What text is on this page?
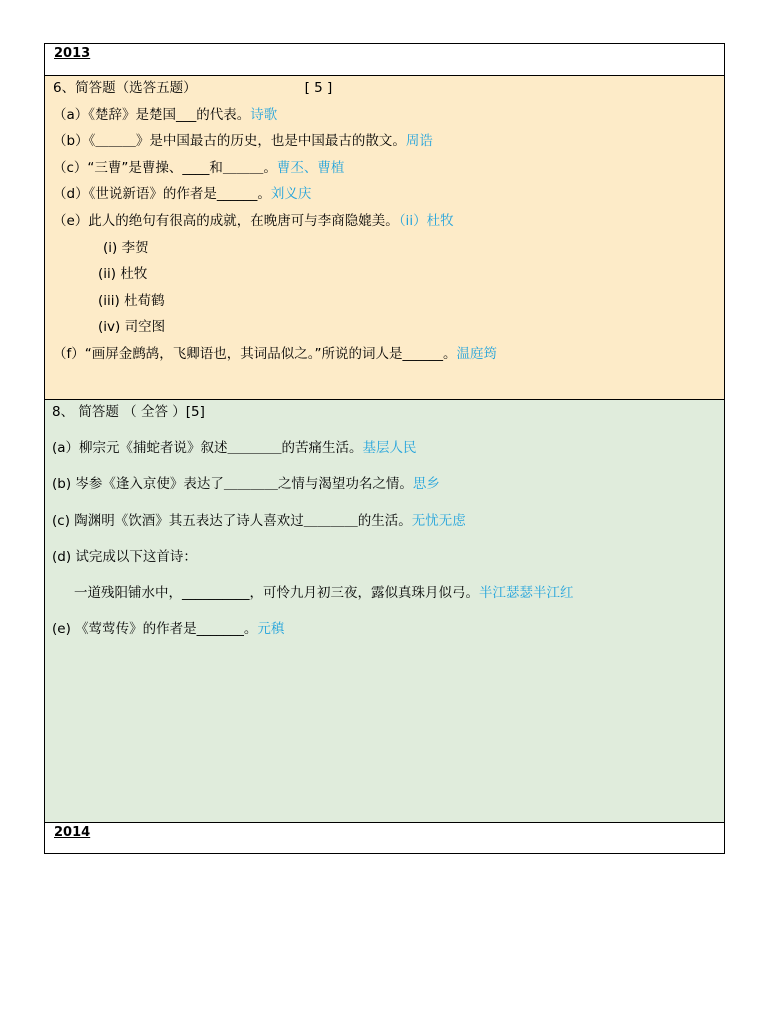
2013
6、简答题（选答五题）	[ 5 ]
（a）《楚辞》是楚国___的代表。诗歌
（b）《＿＿＿》是中国最古的历史，也是中国最古的散文。周诰
（c）“三曹”是曹操、____和＿＿＿。曹丕、曹植
（d）《世说新语》的作者是______。刘义庆
（e）此人的绝句有很高的成就，在晚唐可与李商隐媲美。（ii）杜牧
(i) 李贺
(ii) 杜牧
(iii) 杜荀鹤
(iv) 司空图
（f）“画屏金鹧鸪，飞卿语也，其词品似之。”所说的词人是______。温庭筠
8、 简答题 （ 全答 ）[5]
(a）柳宗元《捕蛇者说》叙述＿＿＿＿的苦痛生活。基层人民
(b) 岑参《逢入京使》表达了＿＿＿＿之情与渴望功名之情。思乡
(c) 陶渊明《饮酒》其五表达了诗人喜欢过＿＿＿＿的生活。无忧无虑
(d) 试完成以下这首诗：
一道残阳铺水中，__________，可怜九月初三夜，露似真珠月似弓。半江瑟瑟半江红
(e) 《莺莺传》的作者是_______。元稹
2014
